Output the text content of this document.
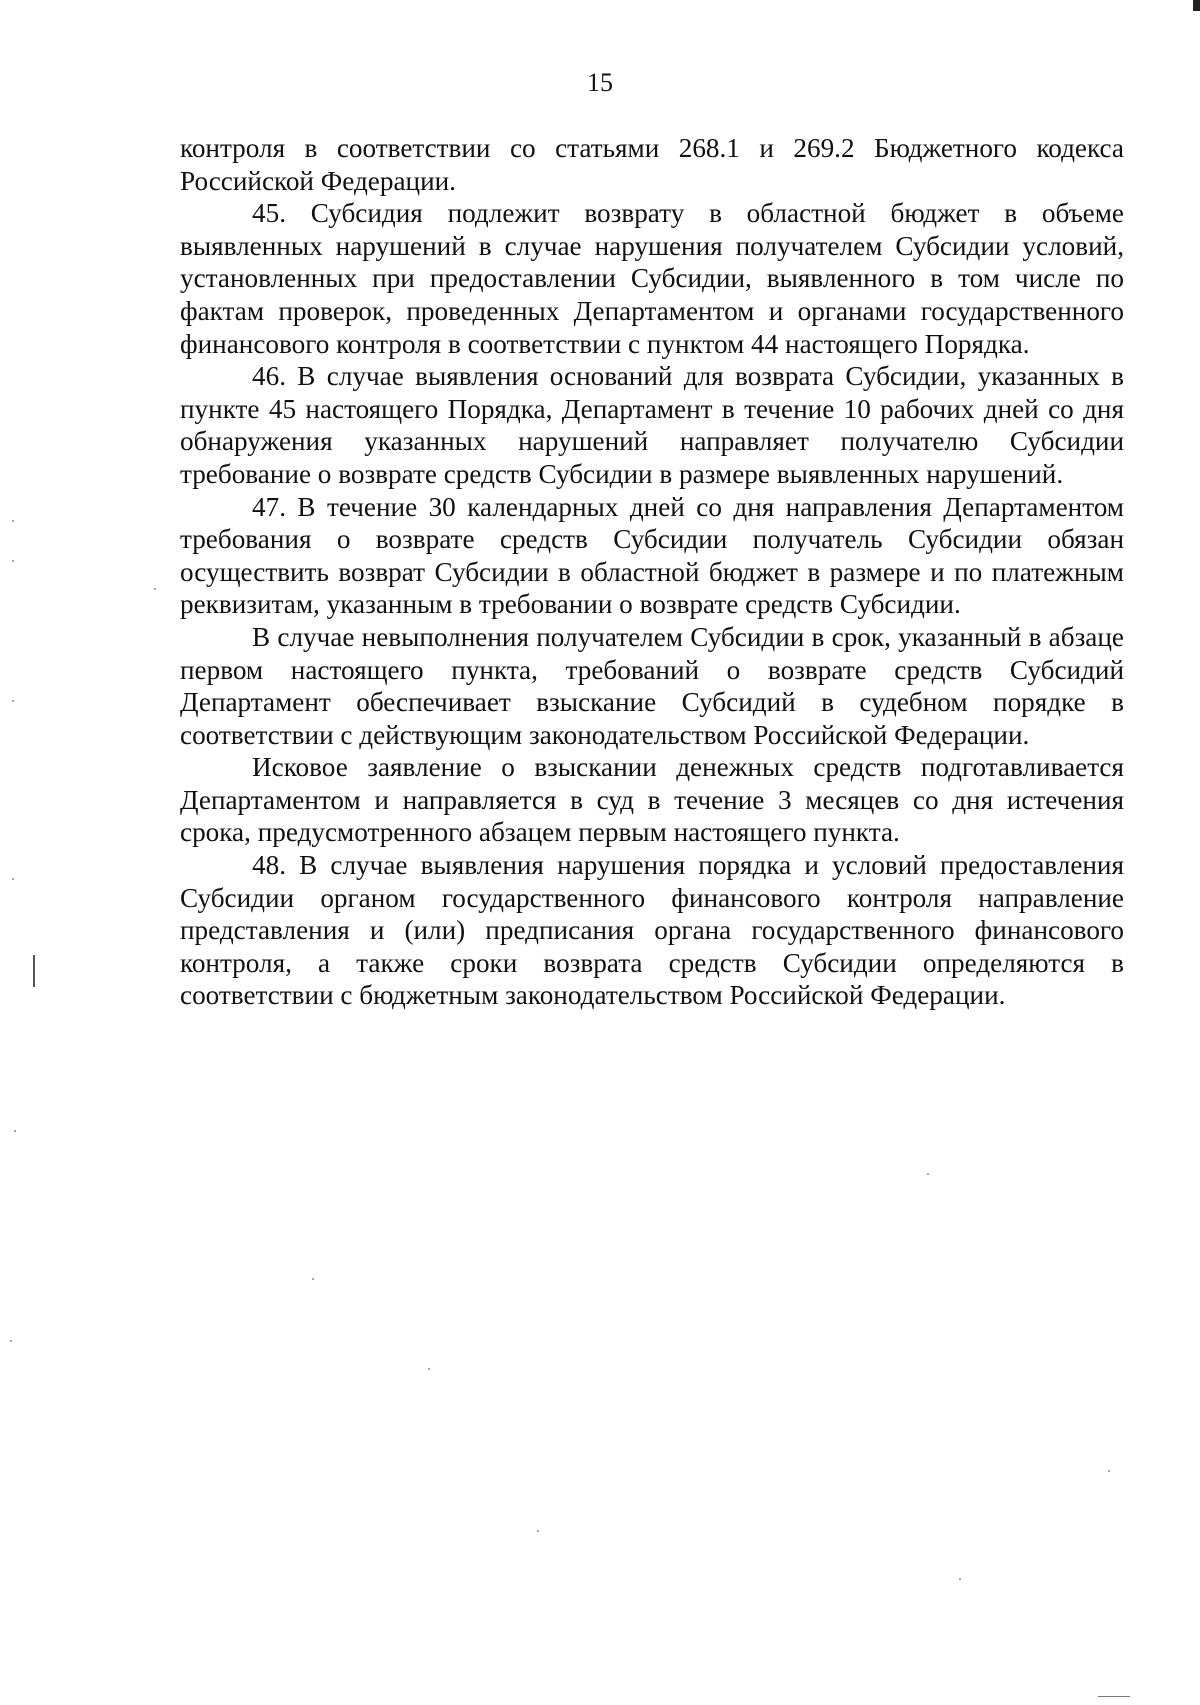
15

контроля в соответствии со статьями 268.1 и 269.2 Бюджетного кодекса Российской Федерации.

45. Субсидия подлежит возврату в областной бюджет в объеме выявленных нарушений в случае нарушения получателем Субсидии условий, установленных при предоставлении Субсидии, выявленного в том числе по фактам проверок, проведенных Департаментом и органами государственного финансового контроля в соответствии с пунктом 44 настоящего Порядка.

46. В случае выявления оснований для возврата Субсидии, указанных в пункте 45 настоящего Порядка, Департамент в течение 10 рабочих дней со дня обнаружения указанных нарушений направляет получателю Субсидии требование о возврате средств Субсидии в размере выявленных нарушений.

47. В течение 30 календарных дней со дня направления Департаментом требования о возврате средств Субсидии получатель Субсидии обязан осуществить возврат Субсидии в областной бюджет в размере и по платежным реквизитам, указанным в требовании о возврате средств Субсидии.

В случае невыполнения получателем Субсидии в срок, указанный в абзаце первом настоящего пункта, требований о возврате средств Субсидий Департамент обеспечивает взыскание Субсидий в судебном порядке в соответствии с действующим законодательством Российской Федерации.

Исковое заявление о взыскании денежных средств подготавливается Департаментом и направляется в суд в течение 3 месяцев со дня истечения срока, предусмотренного абзацем первым настоящего пункта.

48. В случае выявления нарушения порядка и условий предоставления Субсидии органом государственного финансового контроля направление представления и (или) предписания органа государственного финансового контроля, а также сроки возврата средств Субсидии определяются в соответствии с бюджетным законодательством Российской Федерации.
